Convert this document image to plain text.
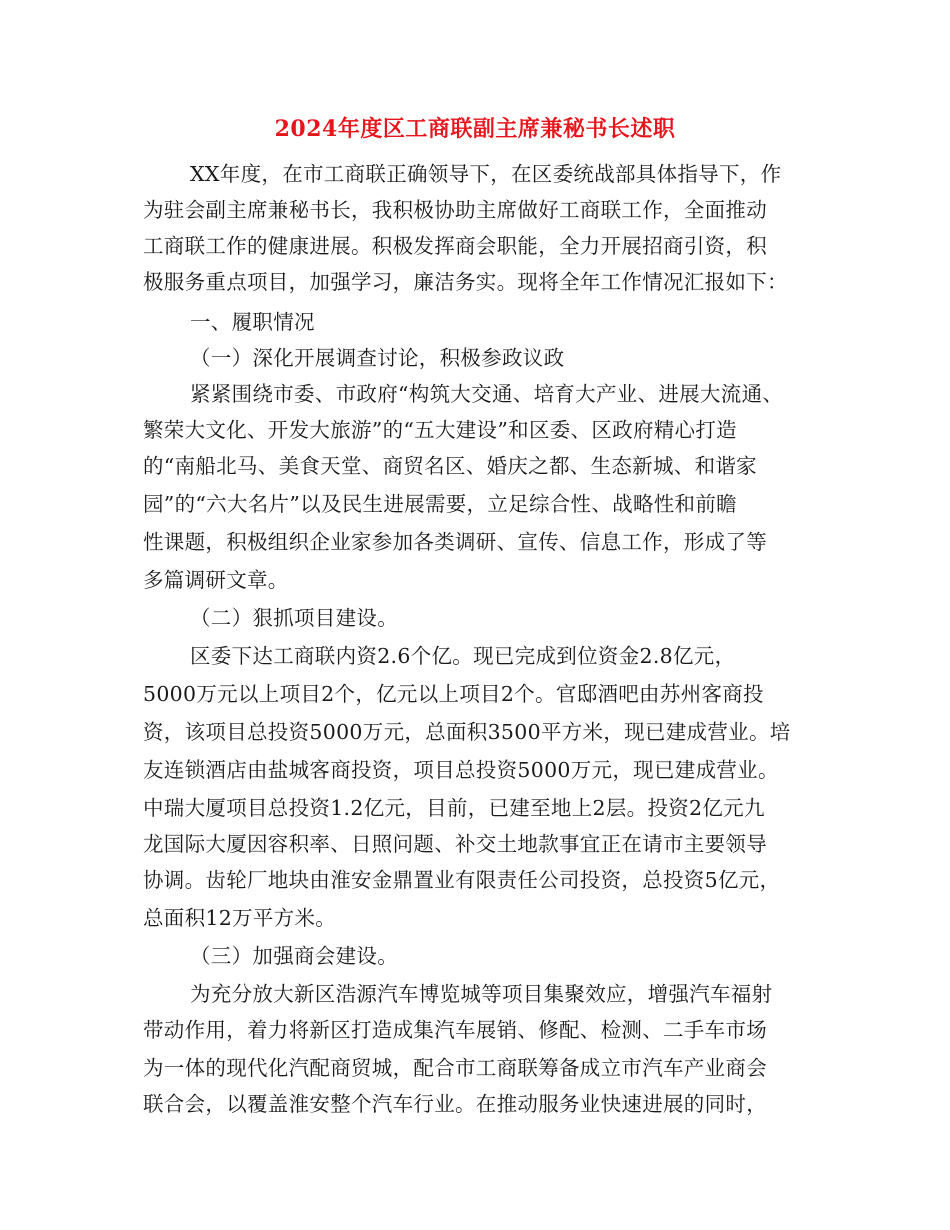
2024年度区工商联副主席兼秘书长述职
XX年度，在市工商联正确领导下，在区委统战部具体指导下，作
为驻会副主席兼秘书长，我积极协助主席做好工商联工作，全面推动
工商联工作的健康进展。积极发挥商会职能，全力开展招商引资，积
极服务重点项目，加强学习，廉洁务实。现将全年工作情况汇报如下：
一、履职情况
（一）深化开展调查讨论，积极参政议政
紧紧围绕市委、市政府“构筑大交通、培育大产业、进展大流通、
繁荣大文化、开发大旅游”的“五大建设”和区委、区政府精心打造
的“南船北马、美食天堂、商贸名区、婚庆之都、生态新城、和谐家
园”的“六大名片”以及民生进展需要，立足综合性、战略性和前瞻
性课题，积极组织企业家参加各类调研、宣传、信息工作，形成了等
多篇调研文章。
（二）狠抓项目建设。
区委下达工商联内资2.6个亿。现已完成到位资金2.8亿元，
5000万元以上项目2个，亿元以上项目2个。官邸酒吧由苏州客商投
资，该项目总投资5000万元，总面积3500平方米，现已建成营业。培
友连锁酒店由盐城客商投资，项目总投资5000万元，现已建成营业。
中瑞大厦项目总投资1.2亿元，目前，已建至地上2层。投资2亿元九
龙国际大厦因容积率、日照问题、补交土地款事宜正在请市主要领导
协调。齿轮厂地块由淮安金鼎置业有限责任公司投资，总投资5亿元，
总面积12万平方米。
（三）加强商会建设。
为充分放大新区浩源汽车博览城等项目集聚效应，增强汽车福射
带动作用，着力将新区打造成集汽车展销、修配、检测、二手车市场
为一体的现代化汽配商贸城，配合市工商联筹备成立市汽车产业商会
联合会，以覆盖淮安整个汽车行业。在推动服务业快速进展的同时，
